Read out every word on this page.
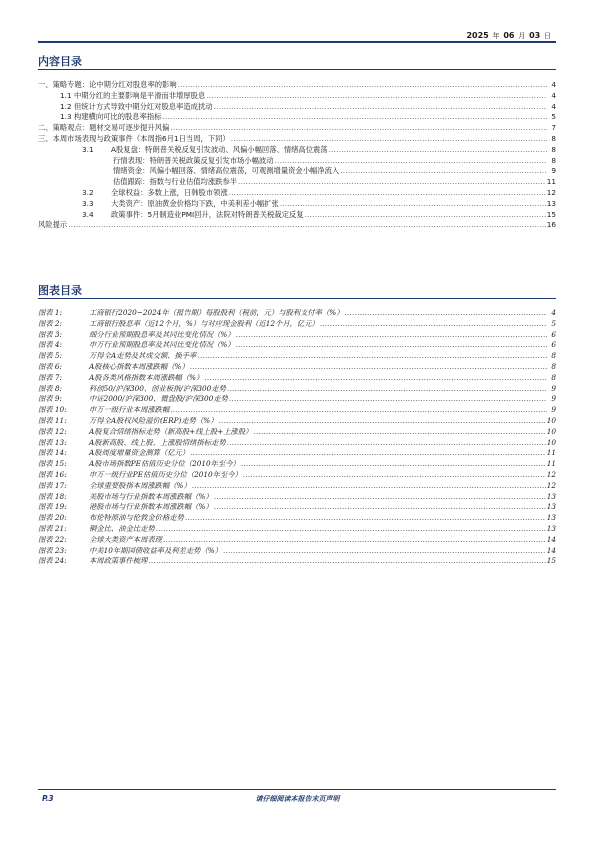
2025 年 06 月 03 日
内容目录
一、策略专题：论中期分红对股息率的影响 .....	4
1.1 中期分红的主要影响是平滑而非增厚股息 .....	4
1.2 但统计方式导致中期分红对股息率造成扰动 .....	4
1.3 构建横向可比的股息率指标 .....	5
二、策略观点：题材交易可逐步提升风偏 .....	7
三、本周市场表现与政策事件（本周指6月1日当周，下同） .....	8
3.1 A股复盘：特朗普关税反复引发波动、风偏小幅回落、情绪高位震荡 .....	8
行情表现：特朗普关税政策反复引发市场小幅波动 .....	8
情绪资金：风偏小幅回落、情绪高位震荡，可观测增量资金小幅净流入 .....	9
估值跟踪：指数与行业估值均涨跌参半 .....	11
3.2 全球权益：多数上涨，日韩股市领涨 .....	12
3.3 大类资产：原油黄金价格均下跌，中美利差小幅扩张 .....	13
3.4 政策事件：5月制造业PMI回升，法院对特朗普关税裁定反复 .....	15
风险提示 .....	16
图表目录
图表 1:	工商银行2020~2024年（报告期）每股股利（税前，元）与股利支付率（%） .....	4
图表 2:	工商银行股息率（近12个月，%）与对应现金股利（近12个月，亿元） .....	5
图表 3:	细分行业预期股息率及其同比变化情况（%） .....	6
图表 4:	申万行业预期股息率及其同比变化情况（%） .....	6
图表 5:	万得全A走势及其成交额、换手率 .....	8
图表 6:	A股核心指数本周涨跌幅（%） .....	8
图表 7:	A股各类风格指数本周涨跌幅（%） .....	8
图表 8:	科创50/沪深300、创业板指/沪深300走势 .....	9
图表 9:	中证2000/沪深300、微盘股/沪深300走势 .....	9
图表 10:	申万一级行业本周涨跌幅 .....	9
图表 11:	万得全A股权风险溢价(ERP)走势（%） .....	10
图表 12:	A股复合情绪指标走势（新高股+线上股+上涨股） .....	10
图表 13:	A股新高股、线上股、上涨股情绪指标走势 .....	10
图表 14:	A股周度增量资金测算（亿元） .....	11
图表 15:	A股市场指数PE估值历史分位（2010年至今） .....	11
图表 16:	申万一级行业PE估值历史分位（2010年至今） .....	12
图表 17:	全球重要股指本周涨跌幅（%） .....	12
图表 18:	美股市场与行业指数本周涨跌幅（%） .....	13
图表 19:	港股市场与行业指数本周涨跌幅（%） .....	13
图表 20:	布伦特原油与伦敦金价格走势 .....	13
图表 21:	铜金比、油金比走势 .....	13
图表 22:	全球大类资产本周表现 .....	14
图表 23:	中美10年期国债收益率及利差走势（%） .....	14
图表 24:	本周政策事件梳理 .....	15
P.3	请仔细阅读本报告末页声明
